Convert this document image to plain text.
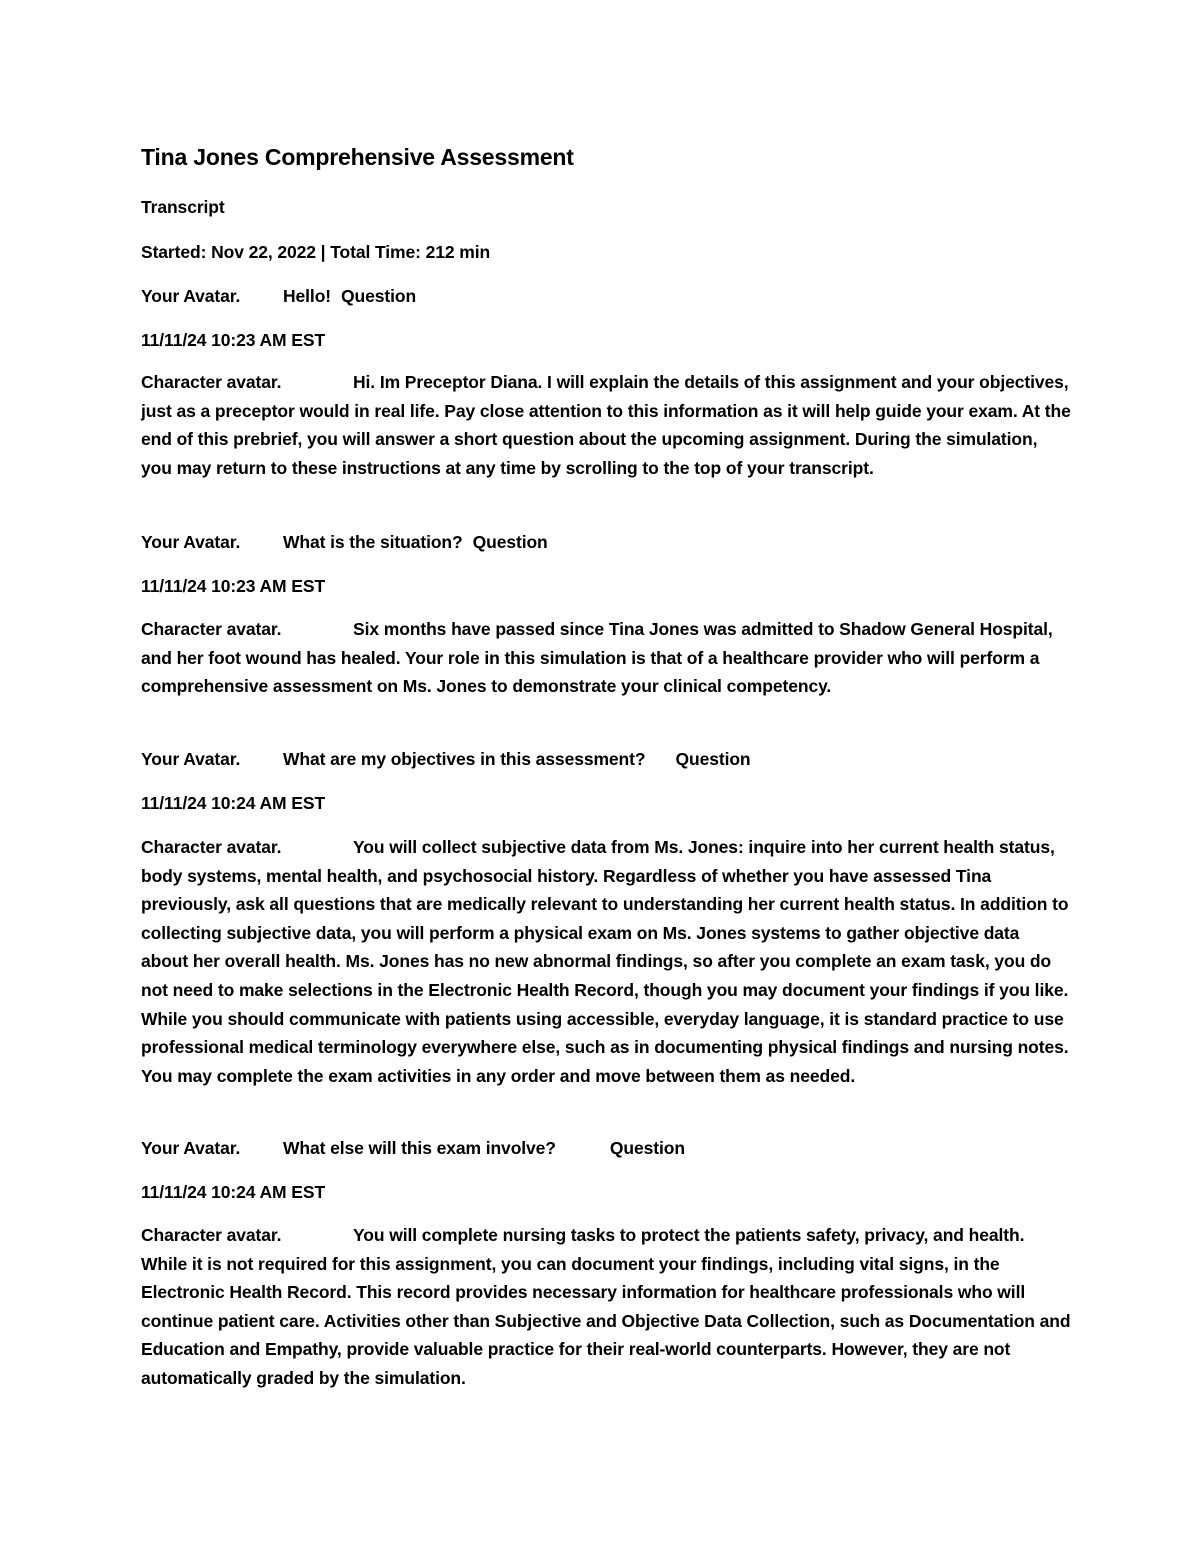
Tina Jones Comprehensive Assessment
Transcript
Started: Nov 22, 2022 | Total Time: 212 min
Your Avatar. Hello! Question
11/11/24 10:23 AM EST
Character avatar.	Hi. Im Preceptor Diana. I will explain the details of this assignment and your objectives, just as a preceptor would in real life. Pay close attention to this information as it will help guide your exam. At the end of this prebrief, you will answer a short question about the upcoming assignment. During the simulation, you may return to these instructions at any time by scrolling to the top of your transcript.
Your Avatar. What is the situation? Question
11/11/24 10:23 AM EST
Character avatar.	Six months have passed since Tina Jones was admitted to Shadow General Hospital, and her foot wound has healed. Your role in this simulation is that of a healthcare provider who will perform a comprehensive assessment on Ms. Jones to demonstrate your clinical competency.
Your Avatar. What are my objectives in this assessment? Question
11/11/24 10:24 AM EST
Character avatar.	You will collect subjective data from Ms. Jones: inquire into her current health status, body systems, mental health, and psychosocial history. Regardless of whether you have assessed Tina previously, ask all questions that are medically relevant to understanding her current health status. In addition to collecting subjective data, you will perform a physical exam on Ms. Jones systems to gather objective data about her overall health. Ms. Jones has no new abnormal findings, so after you complete an exam task, you do not need to make selections in the Electronic Health Record, though you may document your findings if you like. While you should communicate with patients using accessible, everyday language, it is standard practice to use professional medical terminology everywhere else, such as in documenting physical findings and nursing notes. You may complete the exam activities in any order and move between them as needed.
Your Avatar. What else will this exam involve?	Question
11/11/24 10:24 AM EST
Character avatar.	You will complete nursing tasks to protect the patients safety, privacy, and health. While it is not required for this assignment, you can document your findings, including vital signs, in the Electronic Health Record. This record provides necessary information for healthcare professionals who will continue patient care. Activities other than Subjective and Objective Data Collection, such as Documentation and Education and Empathy, provide valuable practice for their real-world counterparts. However, they are not automatically graded by the simulation.
